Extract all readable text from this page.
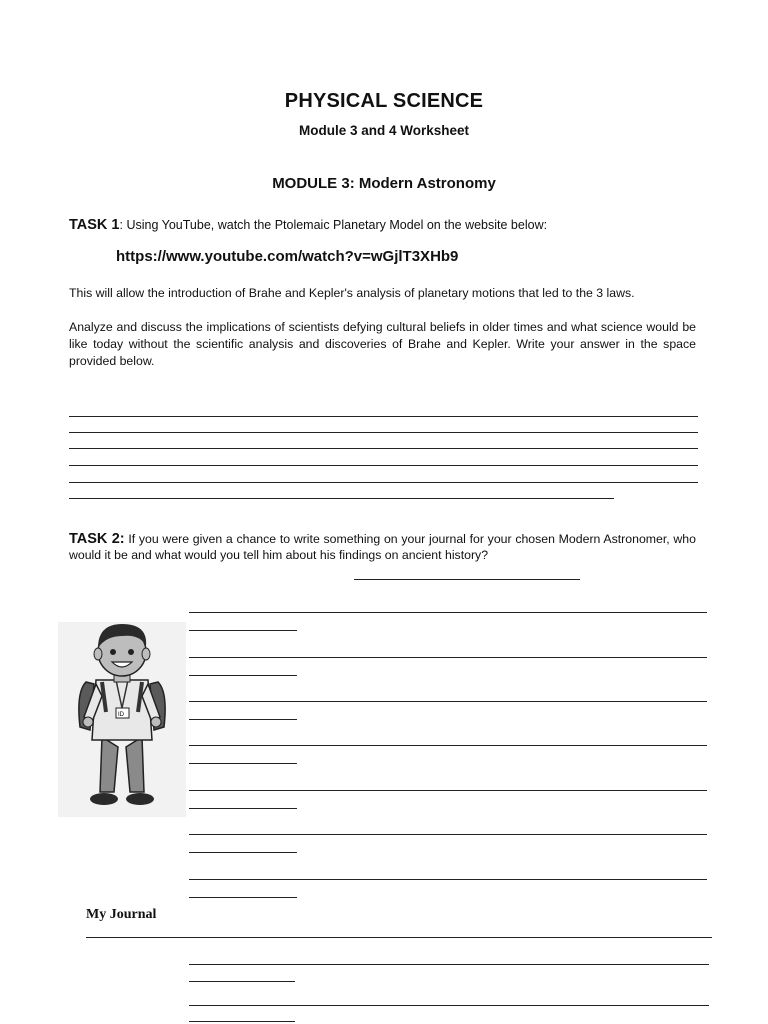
PHYSICAL SCIENCE
Module 3 and 4 Worksheet
MODULE 3: Modern Astronomy
TASK 1: Using YouTube, watch the Ptolemaic Planetary Model on the website below:
https://www.youtube.com/watch?v=wGjlT3XHb9
This will allow the introduction of Brahe and Kepler's analysis of planetary motions that led to the 3 laws.
Analyze and discuss the implications of scientists defying cultural beliefs in older times and what science would be like today without the scientific analysis and discoveries of Brahe and Kepler. Write your answer in the space provided below.
TASK 2: If you were given a chance to write something on your journal for your chosen Modern Astronomer, who would it be and what would you tell him about his findings on ancient history?
ID
My Journal
